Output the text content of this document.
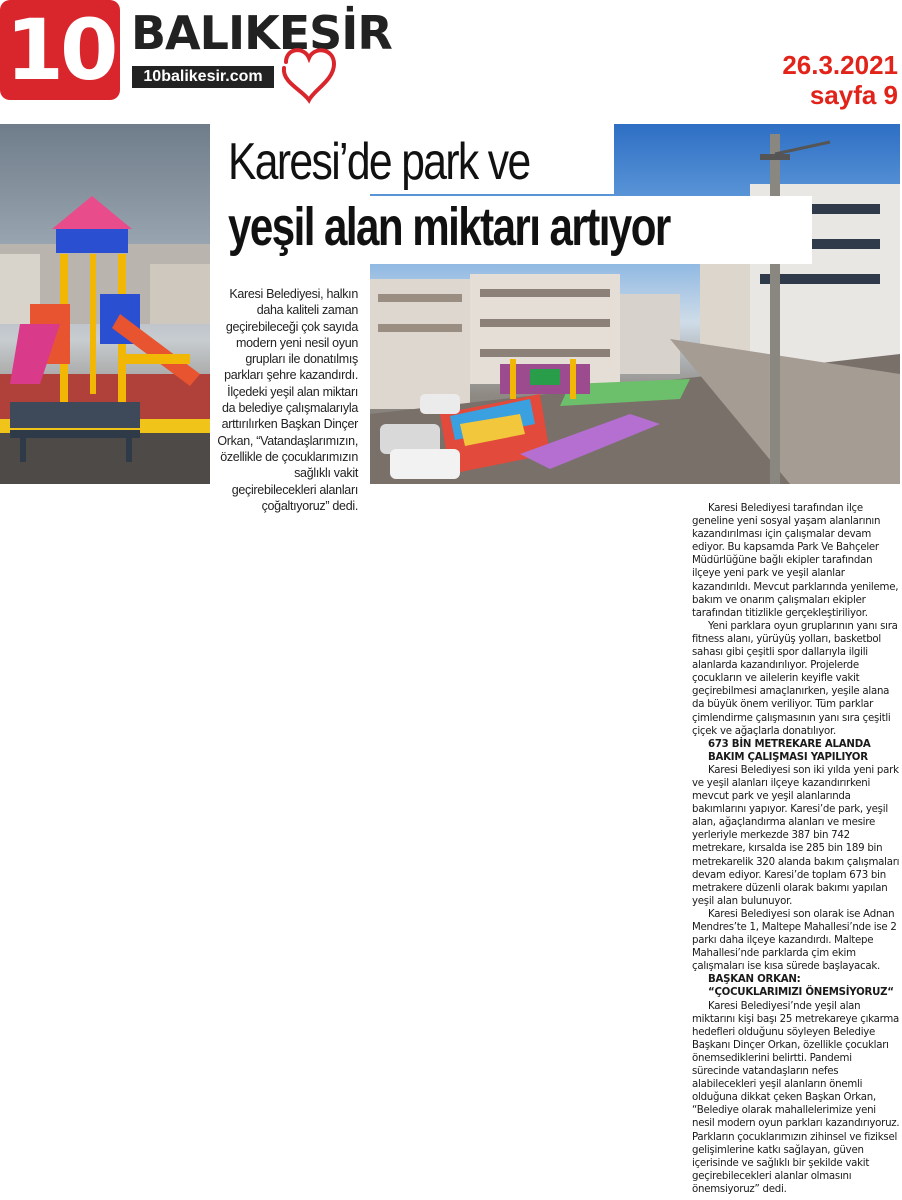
10 BALIKESİR
10balikesir.com	26.3.2021
sayfa 9
Karesi’de park ve
yeşil alan miktarı artıyor
Karesi Belediyesi, halkın daha kaliteli zaman geçirebileceği çok sayıda modern yeni nesil oyun grupları ile donatılmış parkları şehre kazandırdı. İlçedeki yeşil alan miktarı da belediye çalışmalarıyla arttırılırken Başkan Dinçer Orkan, “Vatandaşlarımızın, özellikle de çocuklarımızın sağlıklı vakit geçirebilecekleri alanları çoğaltıyoruz” dedi.	Karesi Belediyesi tarafından ilçe geneline yeni sosyal yaşam alanlarının kazandırılması için çalışmalar devam ediyor. Bu kapsamda Park Ve Bahçeler Müdürlüğüne bağlı ekipler tarafından ilçeye yeni park ve yeşil alanlar kazandırıldı. Mevcut parklarında yenileme, bakım ve onarım çalışmaları ekipler tarafından titizlikle gerçekleştiriliyor.

Yeni parklara oyun gruplarının yanı sıra fitness alanı, yürüyüş yolları, basketbol sahası gibi çeşitli spor dallarıyla ilgili alanlarda kazandırılıyor. Projelerde çocukların ve ailelerin keyifle vakit geçirebilmesi amaçlanırken, yeşile alana da büyük önem veriliyor. Tüm parklar çimlendirme çalışmasının yanı sıra çeşitli çiçek ve ağaçlarla donatılıyor.

673 BİN METREKARE ALANDA
BAKIM ÇALIŞMASI YAPILIYOR

Karesi Belediyesi son iki yılda yeni park ve yeşil alanları ilçeye kazandırırkeni mevcut park ve yeşil alanlarında bakımlarını yapıyor. Karesi’de park, yeşil alan, ağaçlandırma alanları ve mesire yerleriyle merkezde 387 bin 742 metrekare, kırsalda ise 285 bin 189 bin metrekarelik 320 alanda bakım çalışmaları devam ediyor. Karesi’de toplam 673 bin metrakere düzenli olarak bakımı yapılan yeşil alan bulunuyor.

Karesi Belediyesi son olarak ise Adnan Mendres’te 1, Maltepe Mahallesi’nde ise 2 parkı daha ilçeye kazandırdı. Maltepe Mahallesi’nde parklarda çim ekim çalışmaları ise kısa sürede başlayacak.

BAŞKAN ORKAN:
“ÇOCUKLARIMIZI ÖNEMSİYORUZ“

Karesi Belediyesi’nde yeşil alan miktarını kişi başı 25 metrekareye çıkarma hedefleri olduğunu söyleyen Belediye Başkanı Dinçer Orkan, özellikle çocukları önemsediklerini belirtti. Pandemi sürecinde vatandaşların nefes alabilecekleri yeşil alanların önemli olduğuna dikkat çeken Başkan Orkan, “Belediye olarak mahallelerimize yeni nesil modern oyun parkları kazandırıyoruz. Parkların çocuklarımızın zihinsel ve fiziksel gelişimlerine katkı sağlayan, güven içerisinde ve sağlıklı bir şekilde vakit geçirebilecekleri alanlar olmasını önemsiyoruz” dedi.
